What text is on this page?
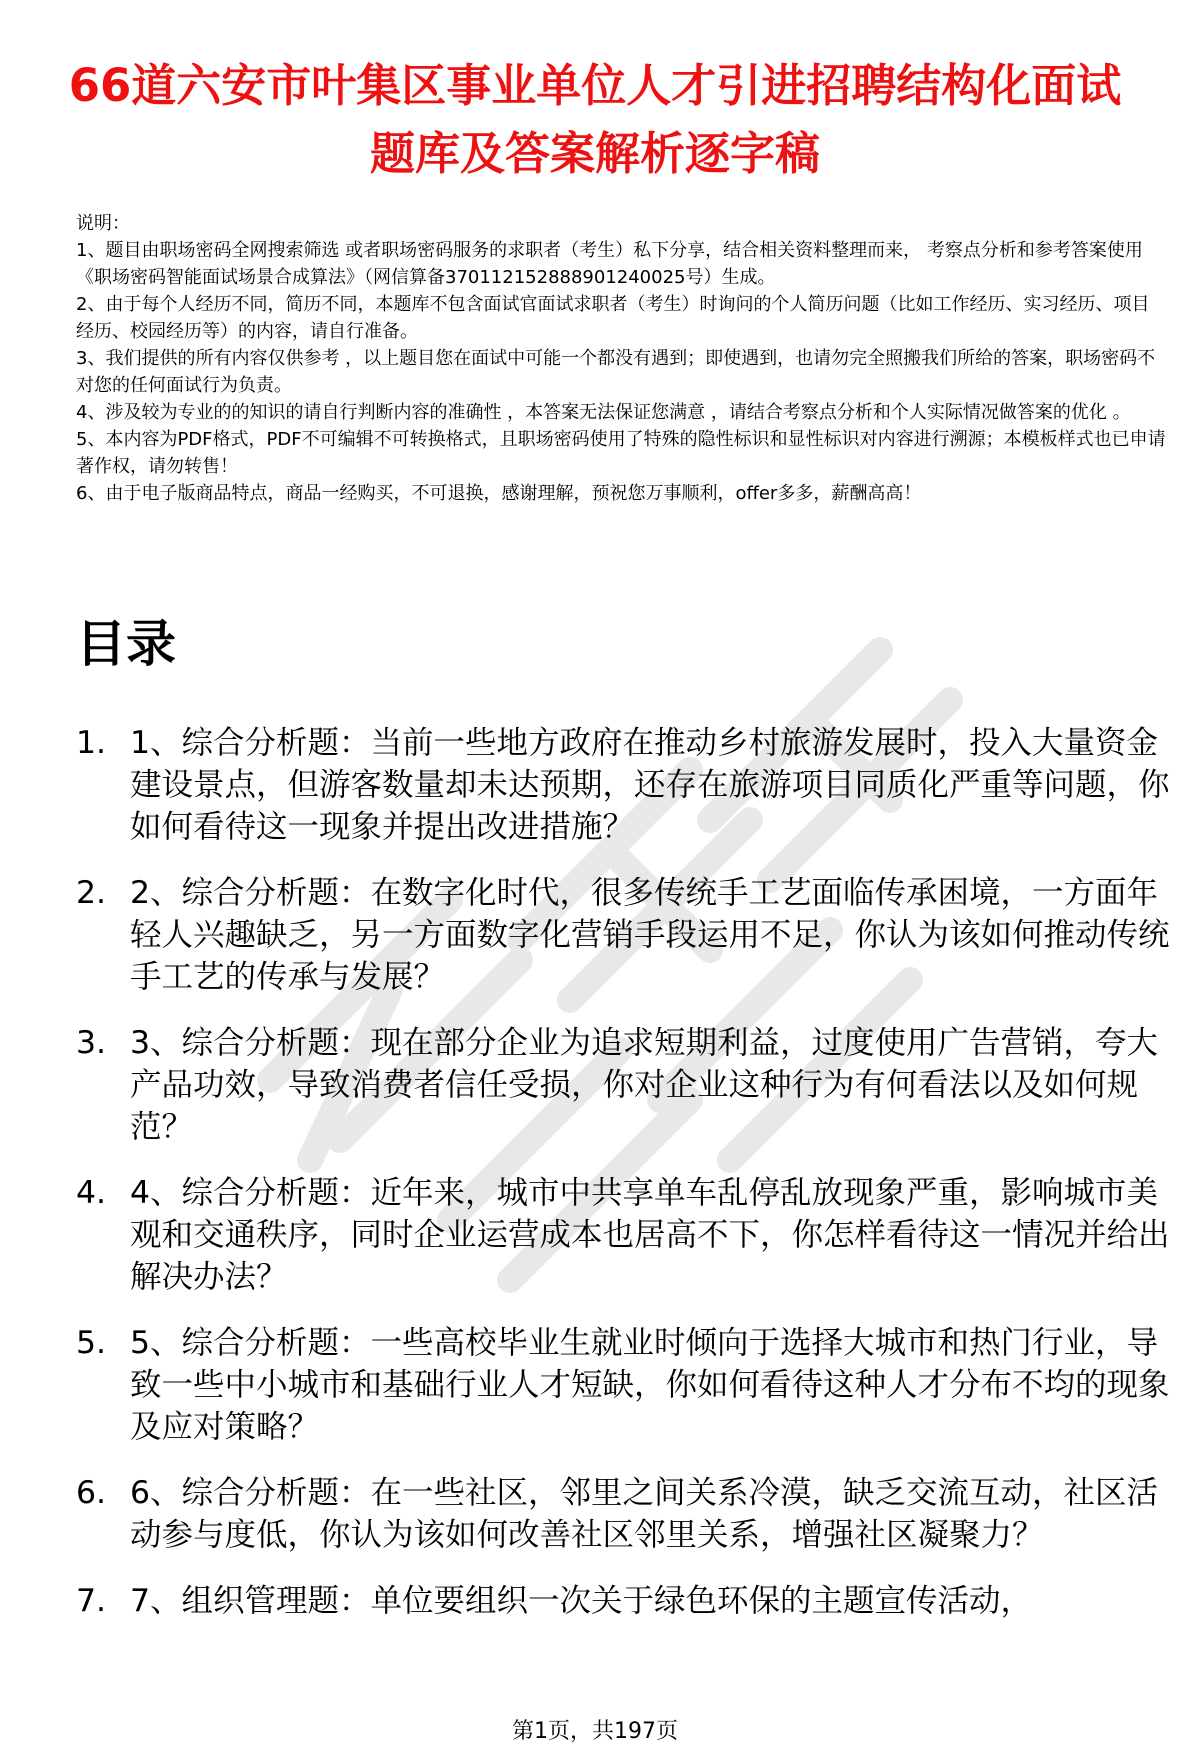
66道六安市叶集区事业单位人才引进招聘结构化面试题库及答案解析逐字稿
说明：
1、题目由职场密码全网搜索筛选 或者职场密码服务的求职者（考生）私下分享，结合相关资料整理而来， 考察点分析和参考答案使用《职场密码智能面试场景合成算法》（网信算备370112152888901240025号）生成。
2、由于每个人经历不同，简历不同，本题库不包含面试官面试求职者（考生）时询问的个人简历问题（比如工作经历、实习经历、项目经历、校园经历等）的内容，请自行准备。
3、我们提供的所有内容仅供参考 ，以上题目您在面试中可能一个都没有遇到；即使遇到，也请勿完全照搬我们所给的答案，职场密码不对您的任何面试行为负责。
4、涉及较为专业的的知识的请自行判断内容的准确性 ，本答案无法保证您满意 ，请结合考察点分析和个人实际情况做答案的优化 。
5、本内容为PDF格式，PDF不可编辑不可转换格式，且职场密码使用了特殊的隐性标识和显性标识对内容进行溯源；本模板样式也已申请著作权，请勿转售！
6、由于电子版商品特点，商品一经购买，不可退换，感谢理解，预祝您万事顺利，offer多多，薪酬高高！
目录
1. 1、综合分析题：当前一些地方政府在推动乡村旅游发展时，投入大量资金建设景点，但游客数量却未达预期，还存在旅游项目同质化严重等问题，你如何看待这一现象并提出改进措施？
2. 2、综合分析题：在数字化时代，很多传统手工艺面临传承困境，一方面年轻人兴趣缺乏，另一方面数字化营销手段运用不足，你认为该如何推动传统手工艺的传承与发展？
3. 3、综合分析题：现在部分企业为追求短期利益，过度使用广告营销，夸大产品功效，导致消费者信任受损，你对企业这种行为有何看法以及如何规范？
4. 4、综合分析题：近年来，城市中共享单车乱停乱放现象严重，影响城市美观和交通秩序，同时企业运营成本也居高不下，你怎样看待这一情况并给出解决办法？
5. 5、综合分析题：一些高校毕业生就业时倾向于选择大城市和热门行业，导致一些中小城市和基础行业人才短缺，你如何看待这种人才分布不均的现象及应对策略？
6. 6、综合分析题：在一些社区，邻里之间关系冷漠，缺乏交流互动，社区活动参与度低，你认为该如何改善社区邻里关系，增强社区凝聚力？
7. 7、组织管理题：单位要组织一次关于绿色环保的主题宣传活动，
第1页，共197页
